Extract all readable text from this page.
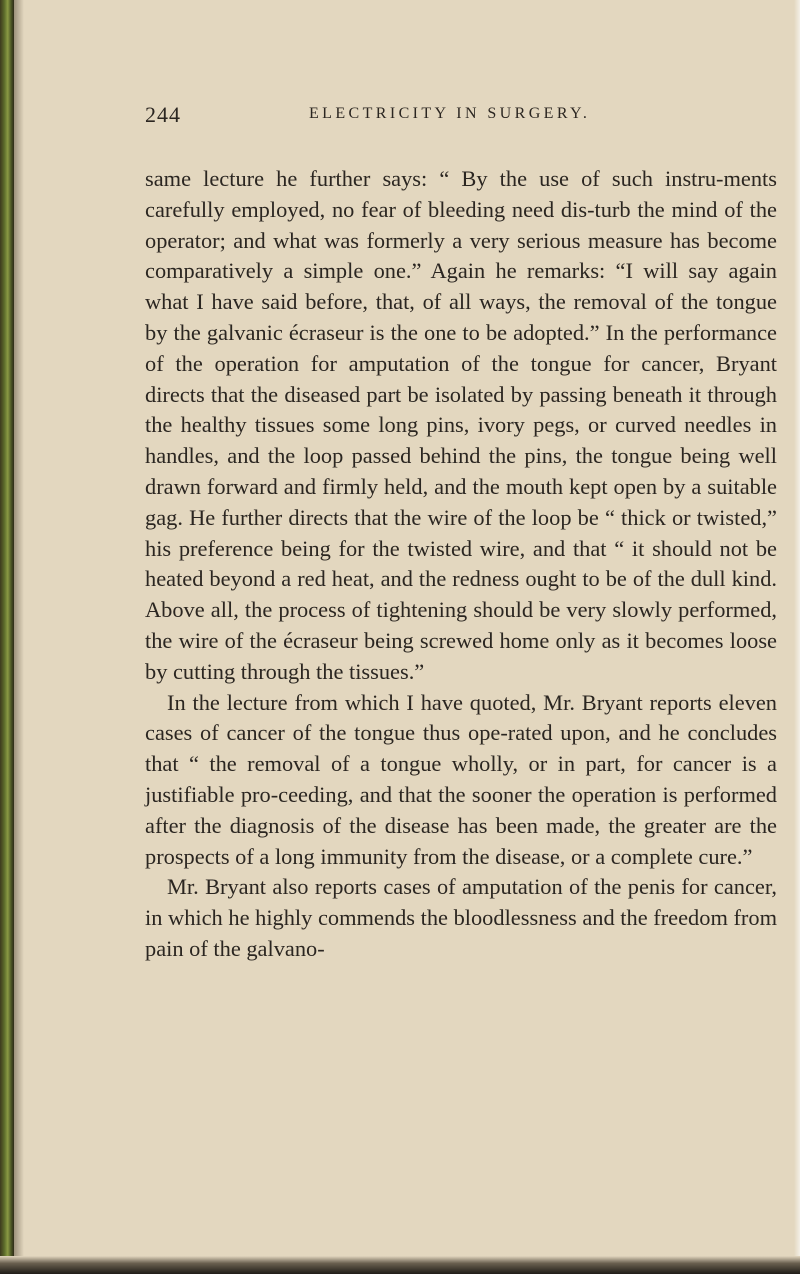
244	ELECTRICITY IN SURGERY.

same lecture he further says: “ By the use of such instru-ments carefully employed, no fear of bleeding need dis-turb the mind of the operator; and what was formerly a very serious measure has become comparatively a simple one.” Again he remarks: “I will say again what I have said before, that, of all ways, the removal of the tongue by the galvanic écraseur is the one to be adopted.” In the performance of the operation for amputation of the tongue for cancer, Bryant directs that the diseased part be isolated by passing beneath it through the healthy tissues some long pins, ivory pegs, or curved needles in handles, and the loop passed behind the pins, the tongue being well drawn forward and firmly held, and the mouth kept open by a suitable gag. He further directs that the wire of the loop be “ thick or twisted,” his preference being for the twisted wire, and that “ it should not be heated beyond a red heat, and the redness ought to be of the dull kind. Above all, the process of tightening should be very slowly performed, the wire of the écraseur being screwed home only as it becomes loose by cutting through the tissues.”

In the lecture from which I have quoted, Mr. Bryant reports eleven cases of cancer of the tongue thus ope-rated upon, and he concludes that “ the removal of a tongue wholly, or in part, for cancer is a justifiable pro-ceeding, and that the sooner the operation is performed after the diagnosis of the disease has been made, the greater are the prospects of a long immunity from the disease, or a complete cure.”

Mr. Bryant also reports cases of amputation of the penis for cancer, in which he highly commends the bloodlessness and the freedom from pain of the galvano-
